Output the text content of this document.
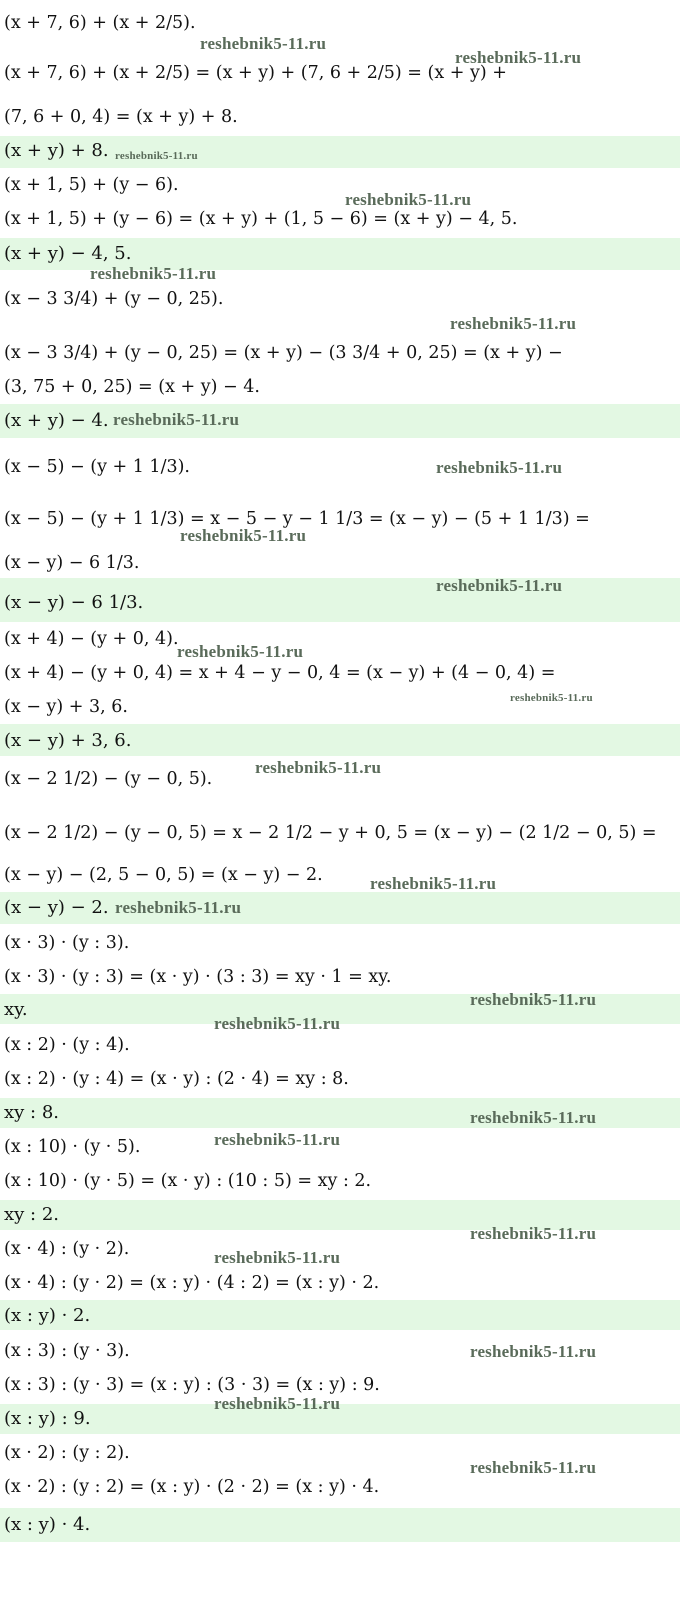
(x + 7, 6) + (x + 2/5).
(x + 7, 6) + (x + 2/5) = (x + y) + (7, 6 + 2/5) = (x + y) +
(7, 6 + 0, 4) = (x + y) + 8.
(x + y) + 8.
(x + 1, 5) + (y − 6).
(x + 1, 5) + (y − 6) = (x + y) + (1, 5 − 6) = (x + y) − 4, 5.
(x + y) − 4, 5.
(x − 3 3/4) + (y − 0, 25).
(x − 3 3/4) + (y − 0, 25) = (x + y) − (3 3/4 + 0, 25) = (x + y) −
(3, 75 + 0, 25) = (x + y) − 4.
(x + y) − 4.
(x − 5) − (y + 1 1/3).
(x − 5) − (y + 1 1/3) = x − 5 − y − 1 1/3 = (x − y) − (5 + 1 1/3) =
(x − y) − 6 1/3.
(x − y) − 6 1/3.
(x + 4) − (y + 0, 4).
(x + 4) − (y + 0, 4) = x + 4 − y − 0, 4 = (x − y) + (4 − 0, 4) =
(x − y) + 3, 6.
(x − y) + 3, 6.
(x − 2 1/2) − (y − 0, 5).
(x − 2 1/2) − (y − 0, 5) = x − 2 1/2 − y + 0, 5 = (x − y) − (2 1/2 − 0, 5) =
(x − y) − (2, 5 − 0, 5) = (x − y) − 2.
(x − y) − 2.
(x · 3) · (y : 3).
(x · 3) · (y : 3) = (x · y) · (3 : 3) = xy · 1 = xy.
xy.
(x : 2) · (y : 4).
(x : 2) · (y : 4) = (x · y) : (2 · 4) = xy : 8.
xy : 8.
(x : 10) · (y · 5).
(x : 10) · (y · 5) = (x · y) : (10 : 5) = xy : 2.
xy : 2.
(x · 4) : (y · 2).
(x · 4) : (y · 2) = (x : y) · (4 : 2) = (x : y) · 2.
(x : y) · 2.
(x : 3) : (y · 3).
(x : 3) : (y · 3) = (x : y) : (3 · 3) = (x : y) : 9.
(x : y) : 9.
(x · 2) : (y : 2).
(x · 2) : (y : 2) = (x : y) · (2 · 2) = (x : y) · 4.
(x : y) · 4.
reshebnik5-11.ru
reshebnik5-11.ru
reshebnik5-11.ru
reshebnik5-11.ru
reshebnik5-11.ru
reshebnik5-11.ru
reshebnik5-11.ru
reshebnik5-11.ru
reshebnik5-11.ru
reshebnik5-11.ru
reshebnik5-11.ru
reshebnik5-11.ru
reshebnik5-11.ru
reshebnik5-11.ru
reshebnik5-11.ru
reshebnik5-11.ru
reshebnik5-11.ru
reshebnik5-11.ru
reshebnik5-11.ru
reshebnik5-11.ru
reshebnik5-11.ru
reshebnik5-11.ru
reshebnik5-11.ru
reshebnik5-11.ru
